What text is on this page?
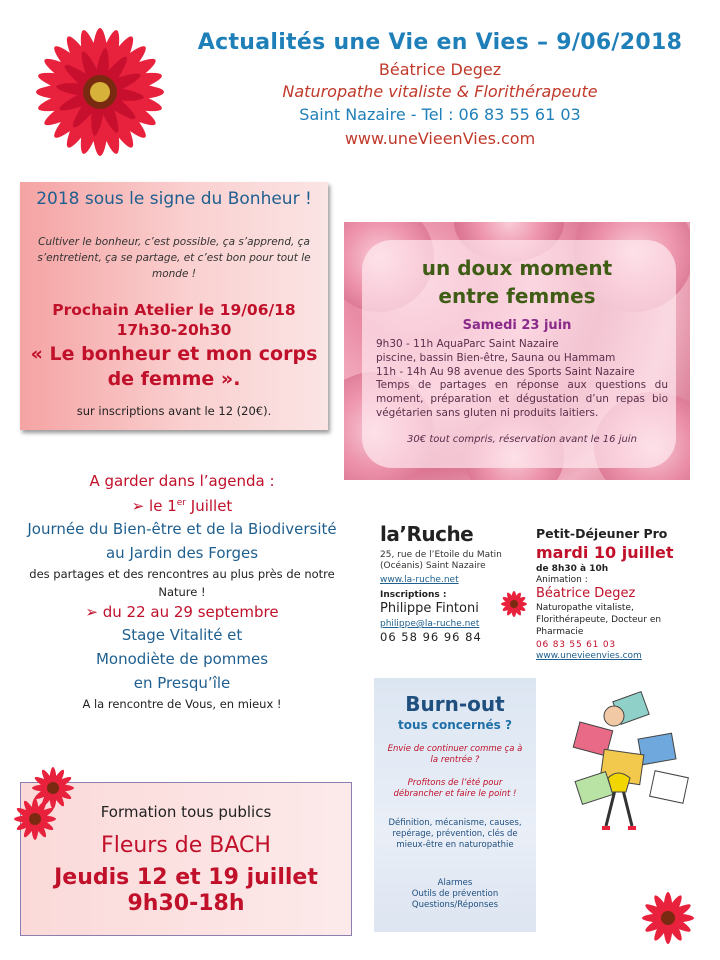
Actualités une Vie en Vies – 9/06/2018
Béatrice Degez
Naturopathe vitaliste & Florithérapeute
Saint Nazaire - Tel : 06 83 55 61 03
www.uneVieenVies.com
2018 sous le signe du Bonheur !
Cultiver le bonheur, c’est possible, ça s’apprend, ça s’entretient, ça se partage, et c’est bon pour tout le monde !
Prochain Atelier le 19/06/18
17h30-20h30
« Le bonheur et mon corps de femme ».
sur inscriptions avant le 12 (20€).
un doux moment
entre femmes
Samedi 23 juin
9h30 - 11h AquaParc Saint Nazaire
piscine, bassin Bien-être, Sauna ou Hammam
11h - 14h Au 98 avenue des Sports Saint Nazaire
Temps de partages en réponse aux questions du moment, préparation et dégustation d’un repas bio végétarien sans gluten ni produits laitiers.
30€ tout compris, réservation avant le 16 juin
A garder dans l’agenda :
➢ le 1er Juillet
Journée du Bien-être et de la Biodiversité au Jardin des Forges
des partages et des rencontres au plus près de notre Nature !
➢ du 22 au 29 septembre
Stage Vitalité et
Monodiète de pommes
en Presqu’île
A la rencontre de Vous, en mieux !
Formation tous publics
Fleurs de BACH
Jeudis 12 et 19 juillet
9h30-18h
la’Ruche
25, rue de l’Etoile du Matin (Océanis) Saint Nazaire
www.la-ruche.net
Inscriptions :
Philippe Fintoni
philippe@la-ruche.net
06 58 96 96 84
Petit-Déjeuner Pro
mardi 10 juillet
de 8h30 à 10h
Animation :
Béatrice Degez
Naturopathe vitaliste, Florithérapeute, Docteur en Pharmacie
06 83 55 61 03
www.unevieenvies.com
Burn-out
tous concernés ?
Envie de continuer comme ça à la rentrée ?
Profitons de l’été pour débrancher et faire le point !
Définition, mécanisme, causes, repérage, prévention, clés de mieux-être en naturopathie
Alarmes
Outils de prévention
Questions/Réponses
